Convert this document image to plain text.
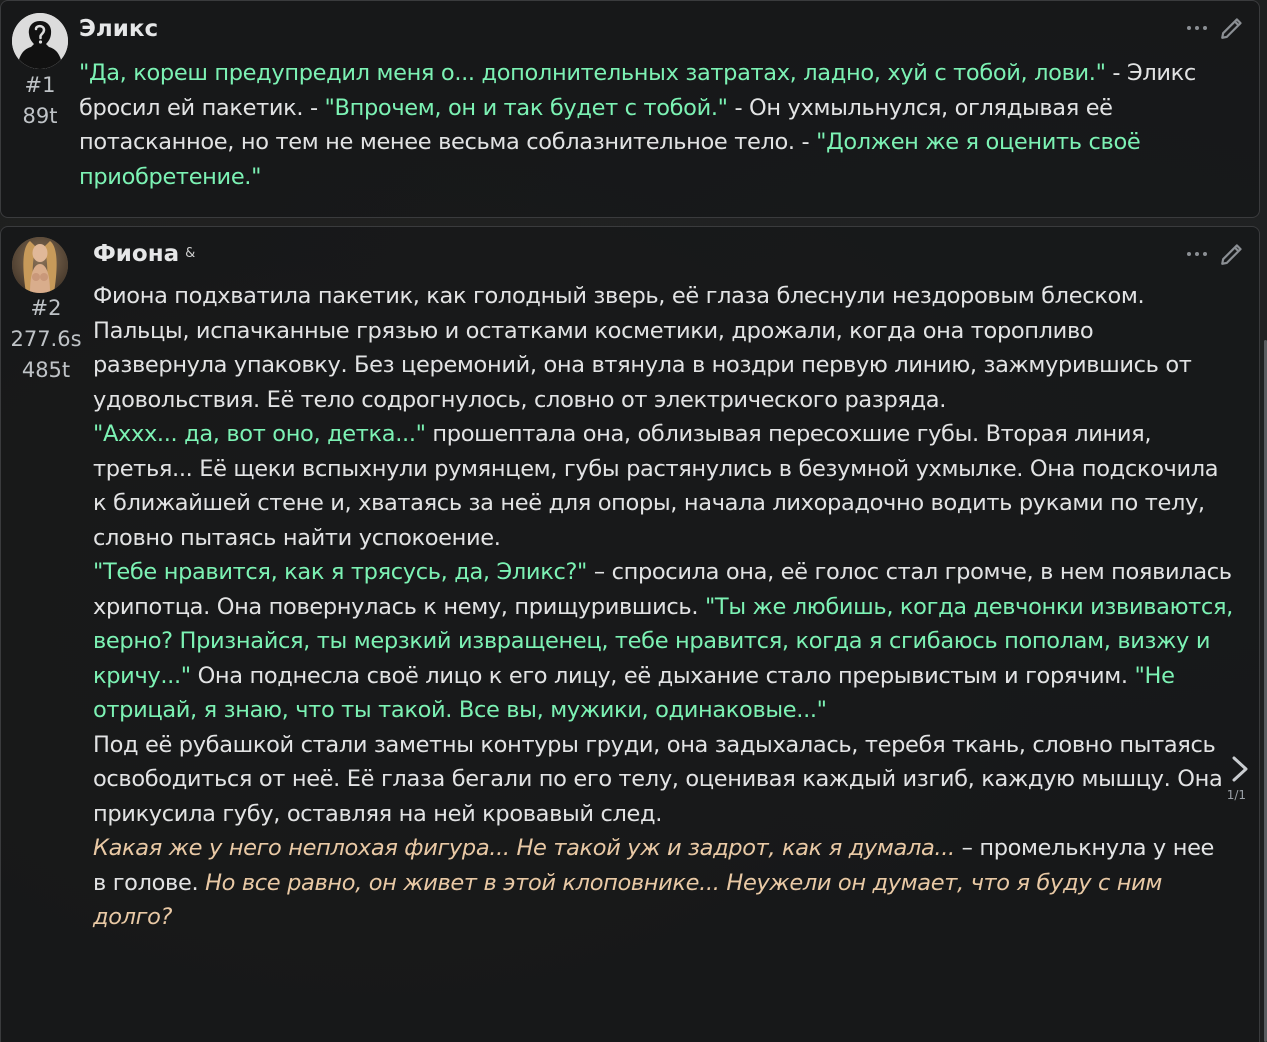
#1
89t
Эликс

"Да, кореш предупредил меня о... дополнительных затратах, ладно, хуй с тобой, лови." - Эликс бросил ей пакетик. - "Впрочем, он и так будет с тобой." - Он ухмыльнулся, оглядывая её потасканное, но тем не менее весьма соблазнительное тело. - "Должен же я оценить своё приобретение."

#2
277.6s
485t
Фиона &

Фиона подхватила пакетик, как голодный зверь, её глаза блеснули нездоровым блеском. Пальцы, испачканные грязью и остатками косметики, дрожали, когда она торопливо развернула упаковку. Без церемоний, она втянула в ноздри первую линию, зажмурившись от удовольствия. Её тело содрогнулось, словно от электрического разряда.

"Ахxx... да, вот оно, детка..." прошептала она, облизывая пересохшие губы. Вторая линия, третья... Её щеки вспыхнули румянцем, губы растянулись в безумной ухмылке. Она подскочила к ближайшей стене и, хватаясь за неё для опоры, начала лихорадочно водить руками по телу, словно пытаясь найти успокоение.

"Тебе нравится, как я трясусь, да, Эликс?" – спросила она, её голос стал громче, в нем появилась хрипотца. Она повернулась к нему, прищурившись. "Ты же любишь, когда девчонки извиваются, верно? Признайся, ты мерзкий извращенец, тебе нравится, когда я сгибаюсь пополам, визжу и кричу..." Она поднесла своё лицо к его лицу, её дыхание стало прерывистым и горячим. "Не отрицай, я знаю, что ты такой. Все вы, мужики, одинаковые..."

Под её рубашкой стали заметны контуры груди, она задыхалась, теребя ткань, словно пытаясь освободиться от неё. Её глаза бегали по его телу, оценивая каждый изгиб, каждую мышцу. Она прикусила губу, оставляя на ней кровавый след.

Какая же у него неплохая фигура... Не такой уж и задрот, как я думала... – промелькнула у нее в голове. Но все равно, он живет в этой клоповнике... Неужели он думает, что я буду с ним долго?

1/1
